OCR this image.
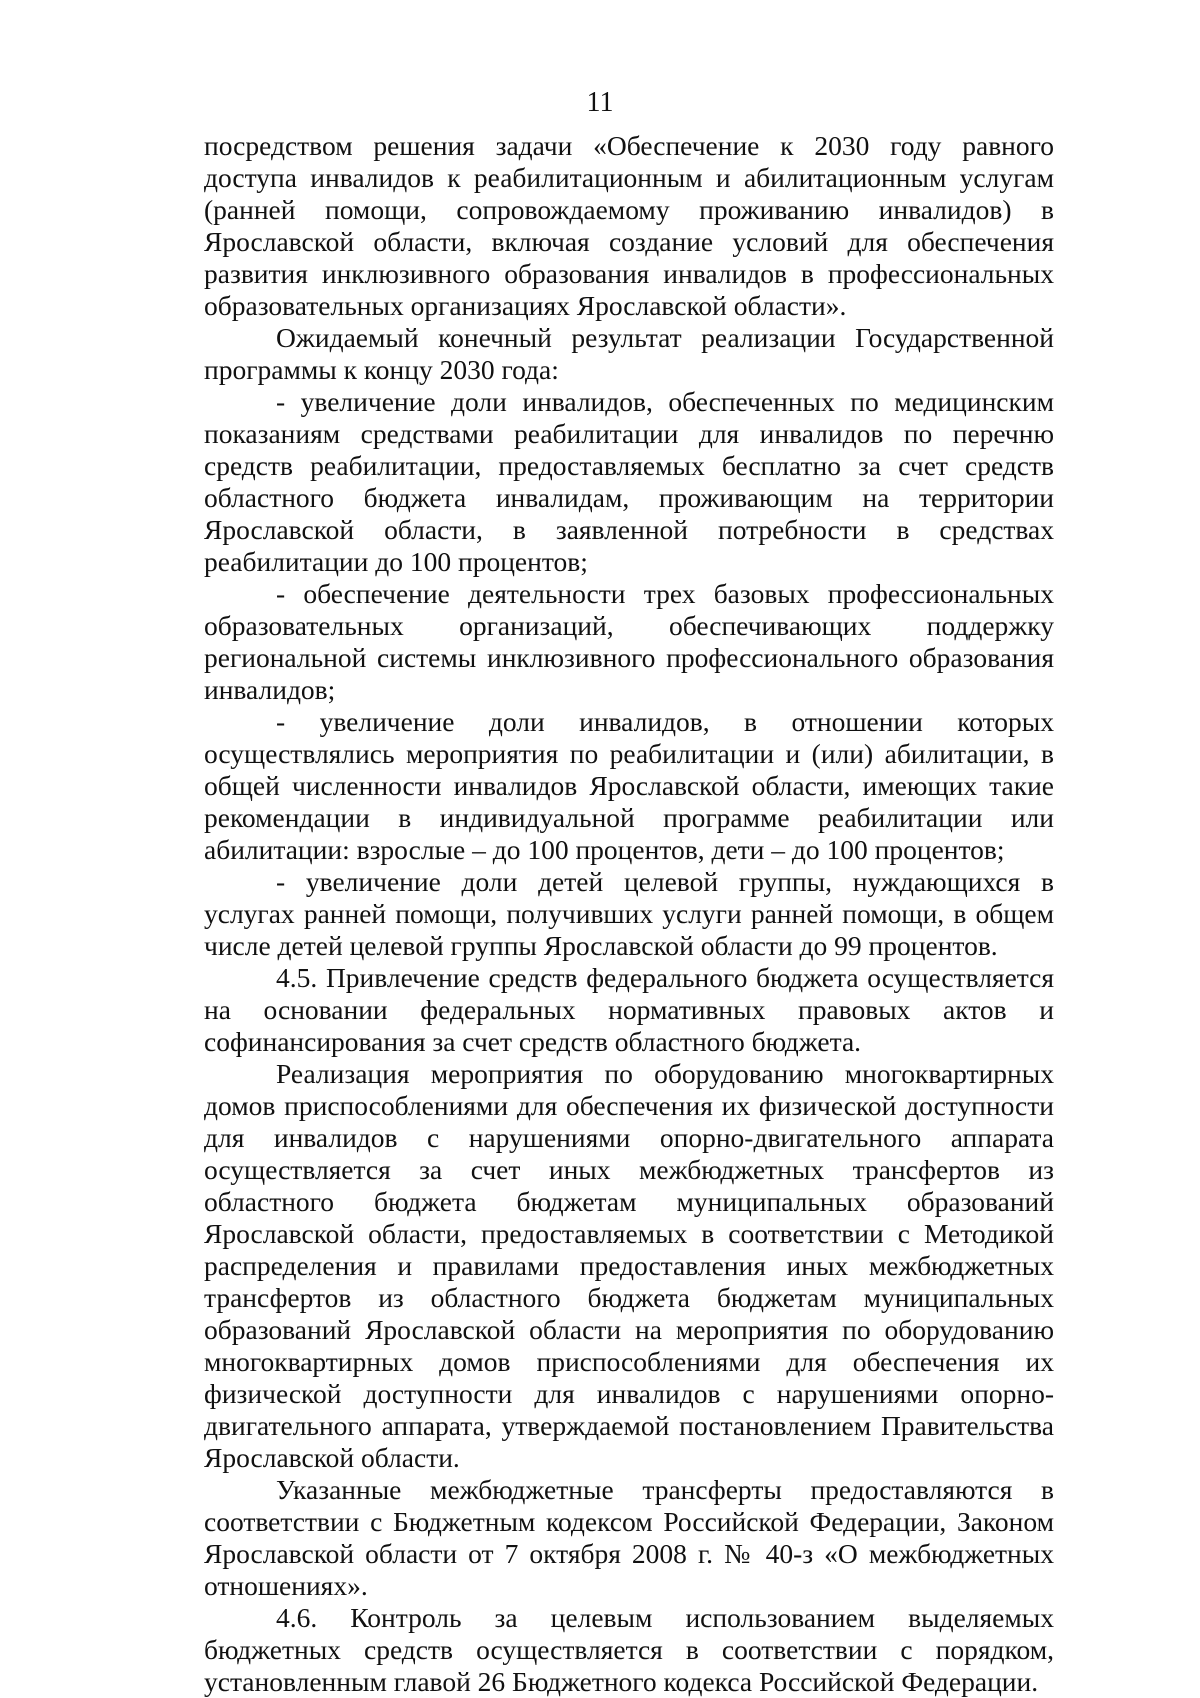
11

посредством решения задачи «Обеспечение к 2030 году равного доступа инвалидов к реабилитационным и абилитационным услугам (ранней помощи, сопровождаемому проживанию инвалидов) в Ярославской области, включая создание условий для обеспечения развития инклюзивного образования инвалидов в профессиональных образовательных организациях Ярославской области».

Ожидаемый конечный результат реализации Государственной программы к концу 2030 года:

- увеличение доли инвалидов, обеспеченных по медицинским показаниям средствами реабилитации для инвалидов по перечню средств реабилитации, предоставляемых бесплатно за счет средств областного бюджета инвалидам, проживающим на территории Ярославской области, в заявленной потребности в средствах реабилитации до 100 процентов;

- обеспечение деятельности трех базовых профессиональных образовательных организаций, обеспечивающих поддержку региональной системы инклюзивного профессионального образования инвалидов;

- увеличение доли инвалидов, в отношении которых осуществлялись мероприятия по реабилитации и (или) абилитации, в общей численности инвалидов Ярославской области, имеющих такие рекомендации в индивидуальной программе реабилитации или абилитации: взрослые – до 100 процентов, дети – до 100 процентов;

- увеличение доли детей целевой группы, нуждающихся в услугах ранней помощи, получивших услуги ранней помощи, в общем числе детей целевой группы Ярославской области до 99 процентов.

4.5. Привлечение средств федерального бюджета осуществляется на основании федеральных нормативных правовых актов и софинансирования за счет средств областного бюджета.

Реализация мероприятия по оборудованию многоквартирных домов приспособлениями для обеспечения их физической доступности для инвалидов с нарушениями опорно-двигательного аппарата осуществляется за счет иных межбюджетных трансфертов из областного бюджета бюджетам муниципальных образований Ярославской области, предоставляемых в соответствии с Методикой распределения и правилами предоставления иных межбюджетных трансфертов из областного бюджета бюджетам муниципальных образований Ярославской области на мероприятия по оборудованию многоквартирных домов приспособлениями для обеспечения их физической доступности для инвалидов с нарушениями опорно-двигательного аппарата, утверждаемой постановлением Правительства Ярославской области.

Указанные межбюджетные трансферты предоставляются в соответствии с Бюджетным кодексом Российской Федерации, Законом Ярославской области от 7 октября 2008 г. № 40-з «О межбюджетных отношениях».

4.6. Контроль за целевым использованием выделяемых бюджетных средств осуществляется в соответствии с порядком, установленным главой 26 Бюджетного кодекса Российской Федерации.
